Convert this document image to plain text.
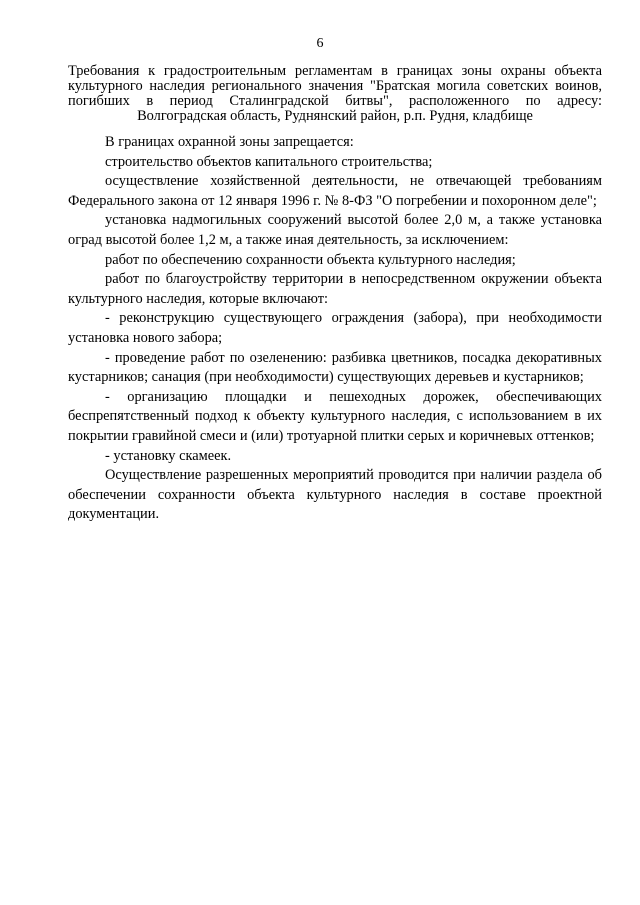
6
Требования к градостроительным регламентам в границах зоны охраны объекта
культурного наследия регионального значения "Братская могила советских воинов,
погибших в период Сталинградской битвы", расположенного по адресу:
Волгоградская область, Руднянский район, р.п. Рудня, кладбище

В границах охранной зоны запрещается:

строительство объектов капитального строительства;

осуществление хозяйственной деятельности, не отвечающей требованиям Федерального закона от 12 января 1996 г. № 8-ФЗ "О погребении и похоронном деле";

установка надмогильных сооружений высотой более 2,0 м, а также установка оград высотой более 1,2 м, а также иная деятельность, за исключением:

работ по обеспечению сохранности объекта культурного наследия;

работ по благоустройству территории в непосредственном окружении объекта культурного наследия, которые включают:

- реконструкцию существующего ограждения (забора), при необходимости установка нового забора;

- проведение работ по озеленению: разбивка цветников, посадка декоративных кустарников; санация (при необходимости) существующих деревьев и кустарников;

- организацию площадки и пешеходных дорожек, обеспечивающих беспрепятственный подход к объекту культурного наследия, с использованием в их покрытии гравийной смеси и (или) тротуарной плитки серых и коричневых оттенков;

- установку скамеек.

Осуществление разрешенных мероприятий проводится при наличии раздела об обеспечении сохранности объекта культурного наследия в составе проектной документации.
